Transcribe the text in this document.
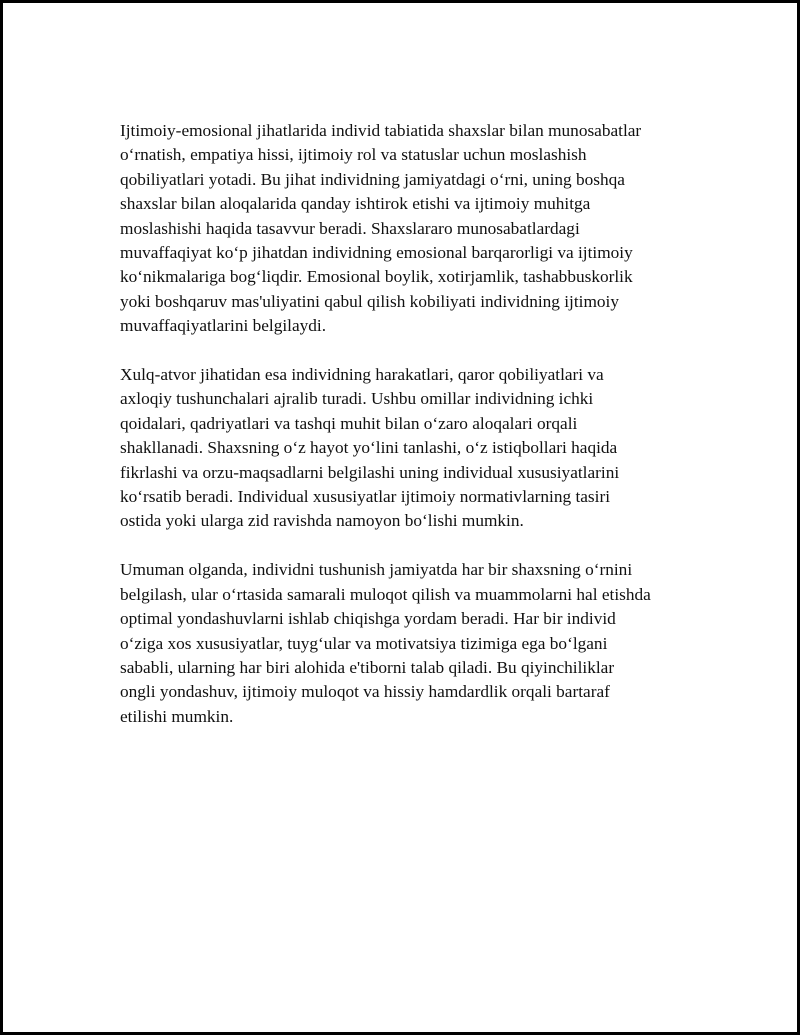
Ijtimoiy-emosional jihatlarida individ tabiatida shaxslar bilan munosabatlar
o‘rnatish, empatiya hissi, ijtimoiy rol va statuslar uchun moslashish
qobiliyatlari yotadi. Bu jihat individning jamiyatdagi o‘rni, uning boshqa
shaxslar bilan aloqalarida qanday ishtirok etishi va ijtimoiy muhitga
moslashishi haqida tasavvur beradi. Shaxslararo munosabatlardagi
muvaffaqiyat ko‘p jihatdan individning emosional barqarorligi va ijtimoiy
ko‘nikmalariga bog‘liqdir. Emosional boylik, xotirjamlik, tashabbuskorlik
yoki boshqaruv mas'uliyatini qabul qilish kobiliyati individning ijtimoiy
muvaffaqiyatlarini belgilaydi.

Xulq-atvor jihatidan esa individning harakatlari, qaror qobiliyatlari va
axloqiy tushunchalari ajralib turadi. Ushbu omillar individning ichki
qoidalari, qadriyatlari va tashqi muhit bilan o‘zaro aloqalari orqali
shakllanadi. Shaxsning o‘z hayot yo‘lini tanlashi, o‘z istiqbollari haqida
fikrlashi va orzu-maqsadlarni belgilashi uning individual xususiyatlarini
ko‘rsatib beradi. Individual xususiyatlar ijtimoiy normativlarning tasiri
ostida yoki ularga zid ravishda namoyon bo‘lishi mumkin.

Umuman olganda, individni tushunish jamiyatda har bir shaxsning o‘rnini
belgilash, ular o‘rtasida samarali muloqot qilish va muammolarni hal etishda
optimal yondashuvlarni ishlab chiqishga yordam beradi. Har bir individ
o‘ziga xos xususiyatlar, tuyg‘ular va motivatsiya tizimiga ega bo‘lgani
sababli, ularning har biri alohida e'tiborni talab qiladi. Bu qiyinchiliklar
ongli yondashuv, ijtimoiy muloqot va hissiy hamdardlik orqali bartaraf
etilishi mumkin.
